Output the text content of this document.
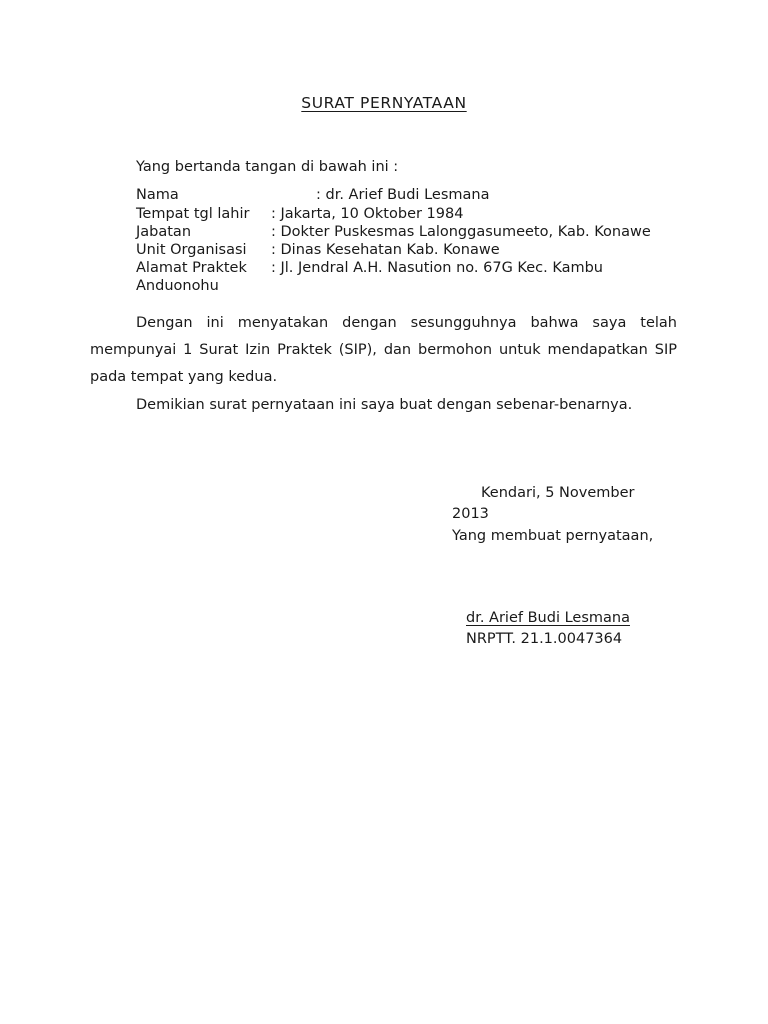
SURAT PERNYATAAN
Yang bertanda tangan di bawah ini :
Nama	: dr. Arief Budi Lesmana
Tempat tgl lahir : Jakarta, 10 Oktober 1984
Jabatan	: Dokter Puskesmas Lalonggasumeeto, Kab. Konawe
Unit Organisasi : Dinas Kesehatan Kab. Konawe
Alamat Praktek : Jl. Jendral A.H. Nasution no. 67G Kec. Kambu
Anduonohu
Dengan ini menyatakan dengan sesungguhnya bahwa saya telah
mempunyai 1 Surat Izin Praktek (SIP), dan bermohon untuk mendapatkan SIP
pada tempat yang kedua.
Demikian surat pernyataan ini saya buat dengan sebenar-benarnya.
Kendari, 5 November
2013
Yang membuat pernyataan,
dr. Arief Budi Lesmana
NRPTT. 21.1.0047364
